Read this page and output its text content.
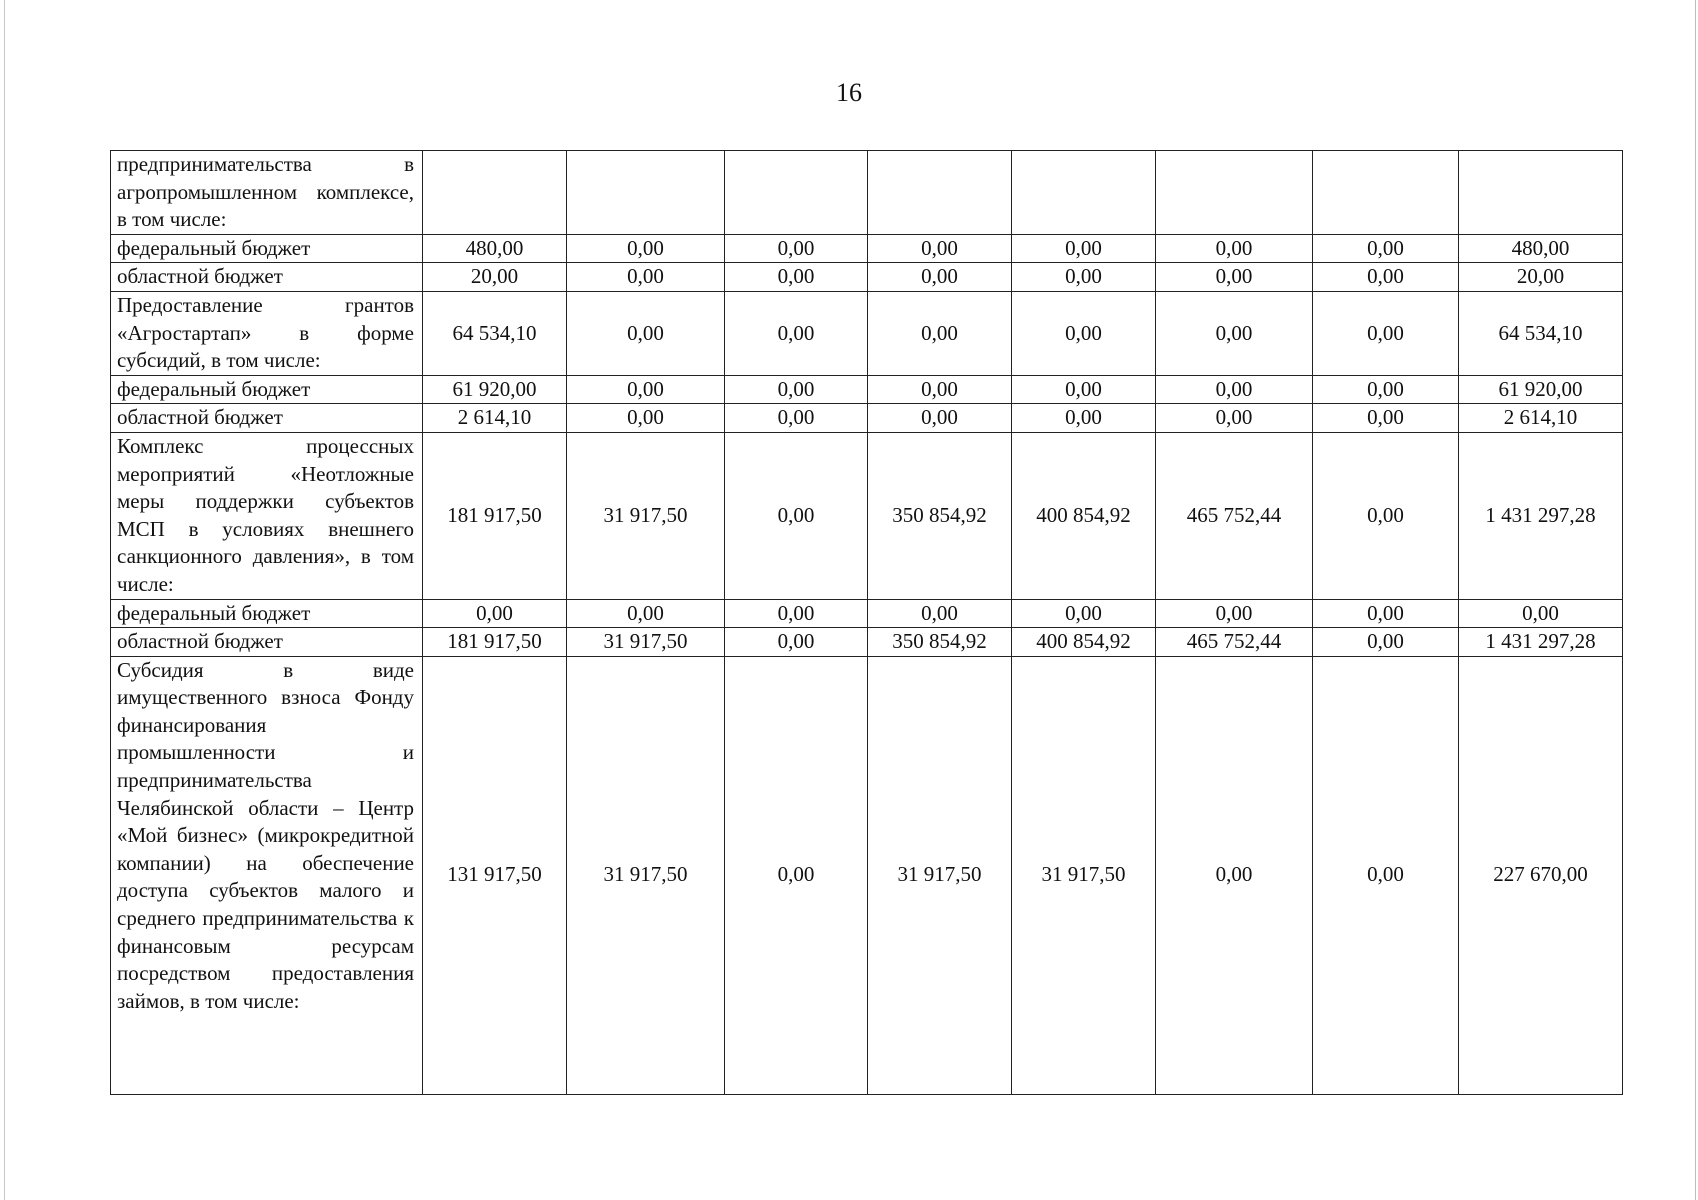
16
предпринимательства в агропромышленном комплексе, в том числе:								
федеральный бюджет	480,00	0,00	0,00	0,00	0,00	0,00	0,00	480,00
областной бюджет	20,00	0,00	0,00	0,00	0,00	0,00	0,00	20,00
Предоставление грантов «Агростартап» в форме субсидий, в том числе:	64 534,10	0,00	0,00	0,00	0,00	0,00	0,00	64 534,10
федеральный бюджет	61 920,00	0,00	0,00	0,00	0,00	0,00	0,00	61 920,00
областной бюджет	2 614,10	0,00	0,00	0,00	0,00	0,00	0,00	2 614,10
Комплекс процессных мероприятий «Неотложные меры поддержки субъектов МСП в условиях внешнего санкционного давления», в том числе:	181 917,50	31 917,50	0,00	350 854,92	400 854,92	465 752,44	0,00	1 431 297,28
федеральный бюджет	0,00	0,00	0,00	0,00	0,00	0,00	0,00	0,00
областной бюджет	181 917,50	31 917,50	0,00	350 854,92	400 854,92	465 752,44	0,00	1 431 297,28
Субсидия в виде имущественного взноса Фонду финансирования промышленности и предпринимательства Челябинской области – Центр «Мой бизнес» (микрокредитной компании) на обеспечение доступа субъектов малого и среднего предпринимательства к финансовым ресурсам посредством предоставления займов, в том числе:	131 917,50	31 917,50	0,00	31 917,50	31 917,50	0,00	0,00	227 670,00
